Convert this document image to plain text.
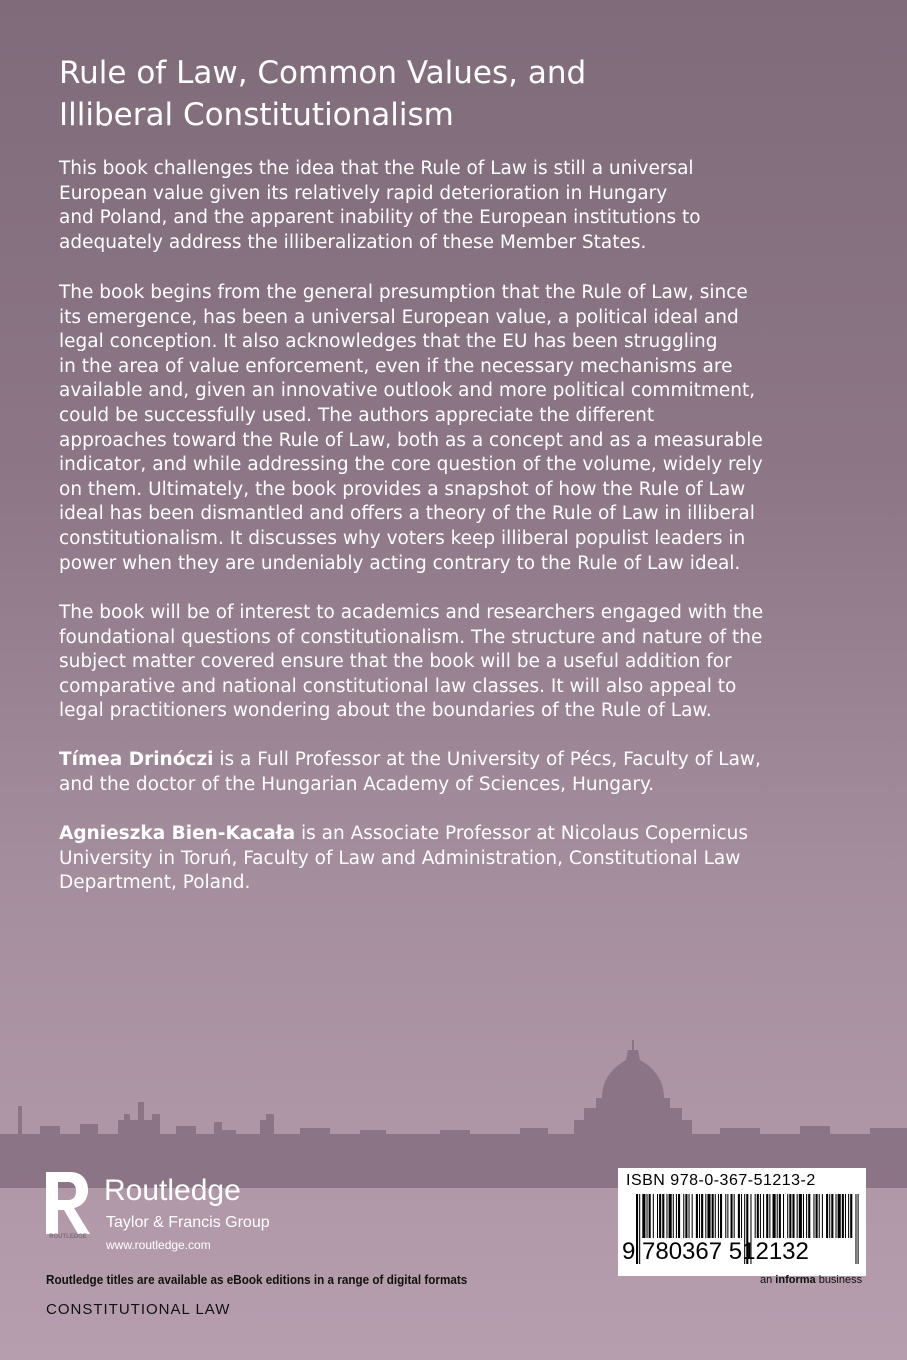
Rule of Law, Common Values, and
Illiberal Constitutionalism

This book challenges the idea that the Rule of Law is still a universal
European value given its relatively rapid deterioration in Hungary
and Poland, and the apparent inability of the European institutions to
adequately address the illiberalization of these Member States.

The book begins from the general presumption that the Rule of Law, since
its emergence, has been a universal European value, a political ideal and
legal conception. It also acknowledges that the EU has been struggling
in the area of value enforcement, even if the necessary mechanisms are
available and, given an innovative outlook and more political commitment,
could be successfully used. The authors appreciate the different
approaches toward the Rule of Law, both as a concept and as a measurable
indicator, and while addressing the core question of the volume, widely rely
on them. Ultimately, the book provides a snapshot of how the Rule of Law
ideal has been dismantled and offers a theory of the Rule of Law in illiberal
constitutionalism. It discusses why voters keep illiberal populist leaders in
power when they are undeniably acting contrary to the Rule of Law ideal.

The book will be of interest to academics and researchers engaged with the
foundational questions of constitutionalism. The structure and nature of the
subject matter covered ensure that the book will be a useful addition for
comparative and national constitutional law classes. It will also appeal to
legal practitioners wondering about the boundaries of the Rule of Law.

Tímea Drinóczi is a Full Professor at the University of Pécs, Faculty of Law,
and the doctor of the Hungarian Academy of Sciences, Hungary.

Agnieszka Bien-Kacała is an Associate Professor at Nicolaus Copernicus
University in Toruń, Faculty of Law and Administration, Constitutional Law
Department, Poland.

ROUTLEDGE
Routledge
Taylor & Francis Group
www.routledge.com
Routledge titles are available as eBook editions in a range of digital formats
CONSTITUTIONAL LAW
ISBN 978-0-367-51213-2
9 780367 512132
an informa business
